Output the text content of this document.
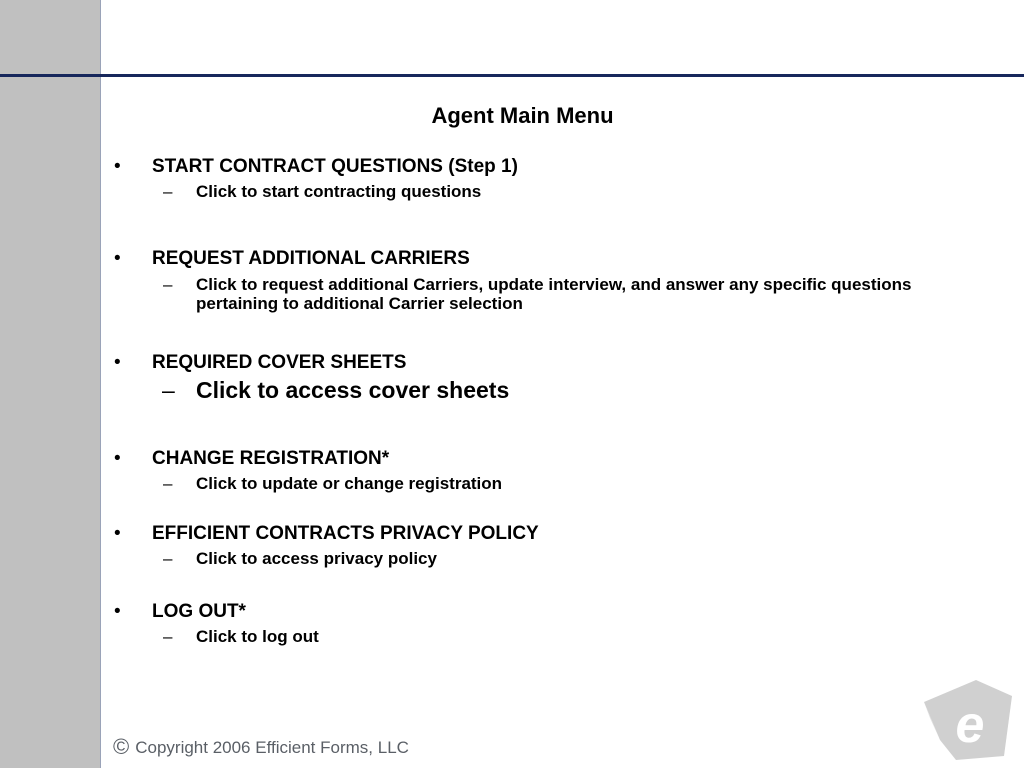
Agent Main Menu
• START CONTRACT QUESTIONS (Step 1)
– Click to start contracting questions
• REQUEST ADDITIONAL CARRIERS
– Click to request additional Carriers, update interview, and answer any specific questions pertaining to additional Carrier selection
• REQUIRED COVER SHEETS
– Click to access cover sheets
• CHANGE REGISTRATION*
– Click to update or change registration
• EFFICIENT CONTRACTS PRIVACY POLICY
– Click to access privacy policy
• LOG OUT*
– Click to log out
© Copyright 2006 Efficient Forms, LLC	e
